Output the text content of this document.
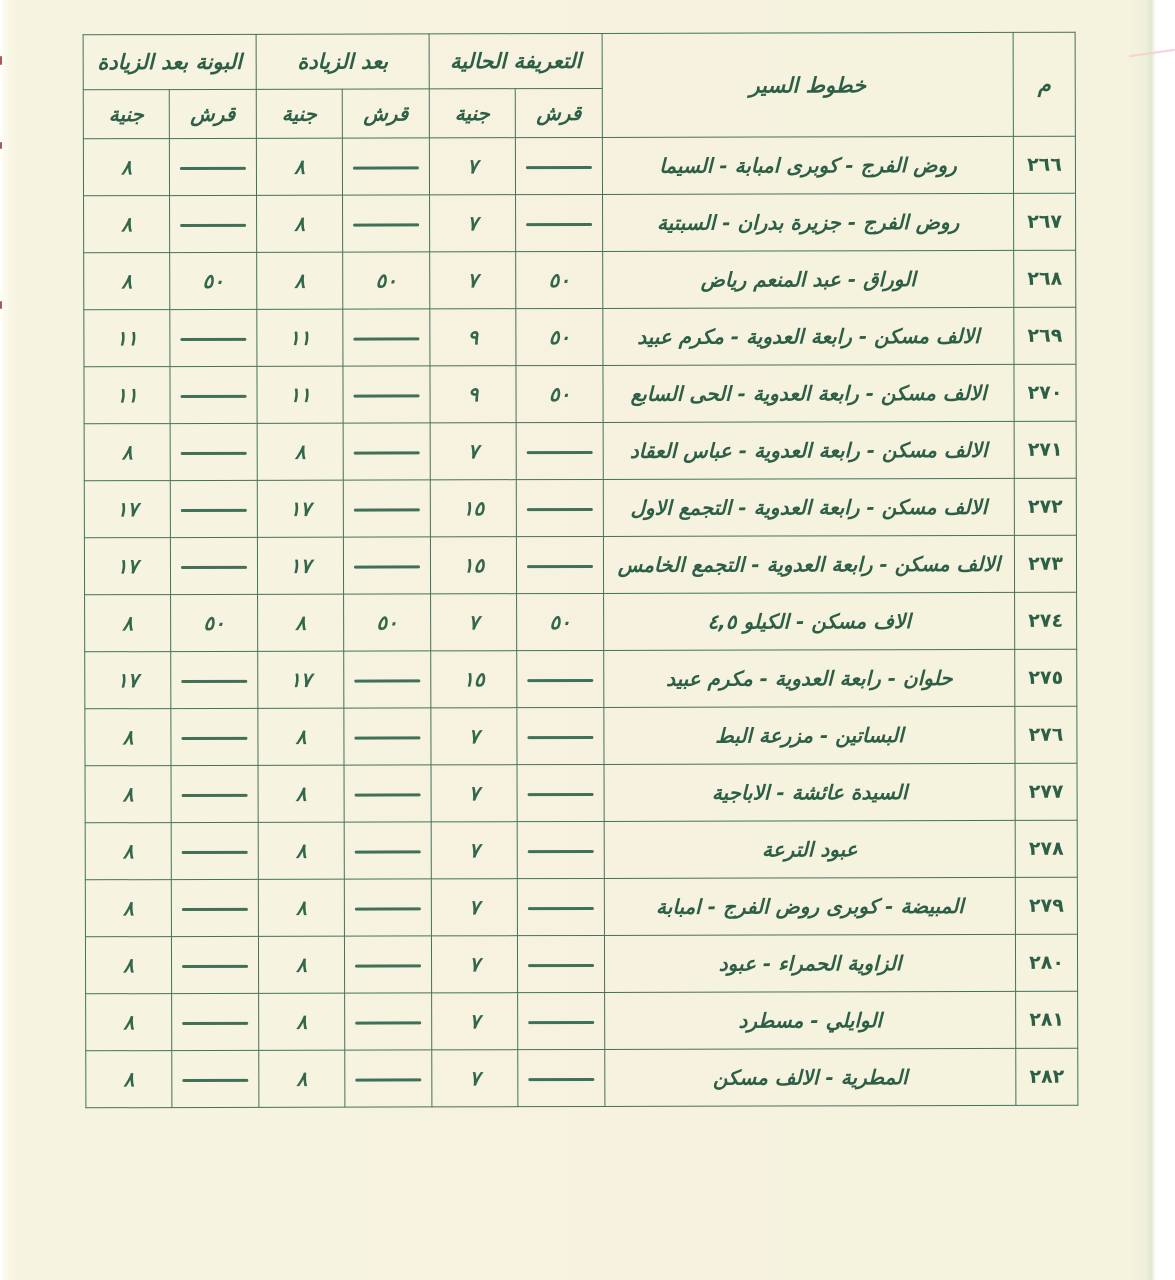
م	خطوط السير	التعريفة الحالية		بعد الزيادة		البونة بعد الزيادة	
		قرش	جنية	قرش	جنية	قرش	جنية
٢٦٦	روض الفرج - كوبرى امبابة - السيما		٧		٨		٨
٢٦٧	روض الفرج - جزيرة بدران - السبتية		٧		٨		٨
٢٦٨	الوراق - عبد المنعم رياض	٥٠	٧	٥٠	٨	٥٠	٨
٢٦٩	الالف مسكن - رابعة العدوية - مكرم عبيد	٥٠	٩		١١		١١
٢٧٠	الالف مسكن - رابعة العدوية - الحى السابع	٥٠	٩		١١		١١
٢٧١	الالف مسكن - رابعة العدوية - عباس العقاد		٧		٨		٨
٢٧٢	الالف مسكن - رابعة العدوية - التجمع الاول		١٥		١٧		١٧
٢٧٣	الالف مسكن - رابعة العدوية - التجمع الخامس		١٥		١٧		١٧
٢٧٤	الاف مسكن - الكيلو ٤,٥	٥٠	٧	٥٠	٨	٥٠	٨
٢٧٥	حلوان - رابعة العدوية - مكرم عبيد		١٥		١٧		١٧
٢٧٦	البساتين - مزرعة البط		٧		٨		٨
٢٧٧	السيدة عائشة - الاباجية		٧		٨		٨
٢٧٨	عبود الترعة		٧		٨		٨
٢٧٩	المبيضة - كوبرى روض الفرج - امبابة		٧		٨		٨
٢٨٠	الزاوية الحمراء - عبود		٧		٨		٨
٢٨١	الوايلي - مسطرد		٧		٨		٨
٢٨٢	المطرية - الالف مسكن		٧		٨		٨
